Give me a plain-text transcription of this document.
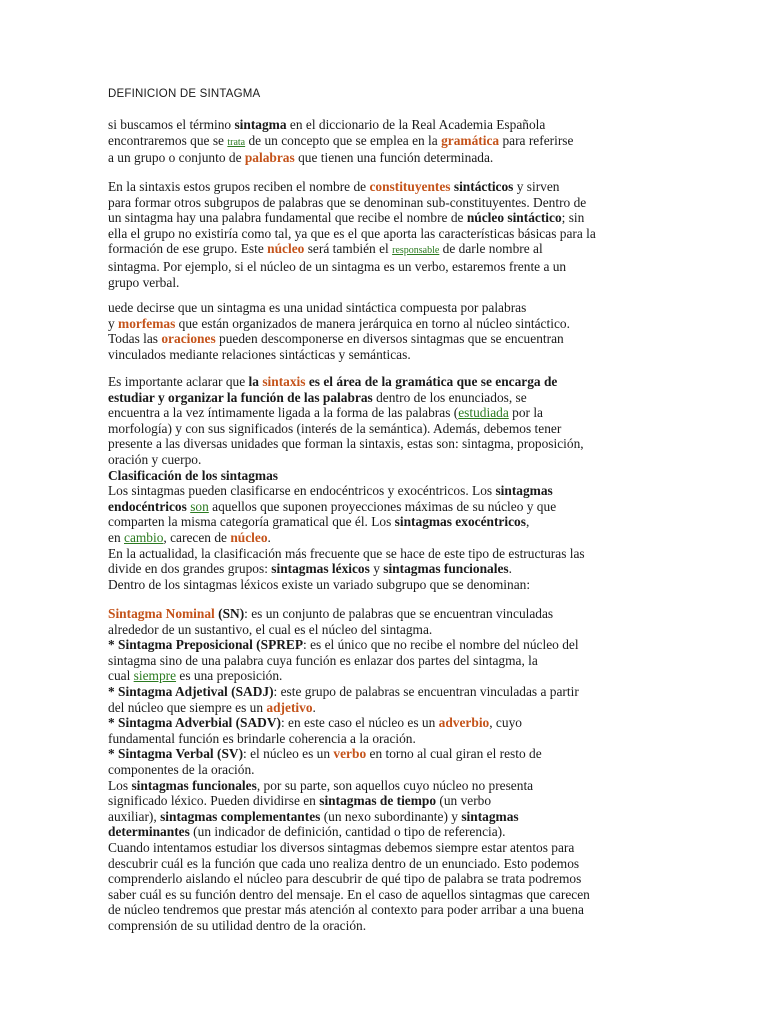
DEFINICION DE SINTAGMA

si buscamos el término sintagma en el diccionario de la Real Academia Española

encontraremos que se trata de un concepto que se emplea en la gramática para referirse

a un grupo o conjunto de palabras que tienen una función determinada.

En la sintaxis estos grupos reciben el nombre de constituyentes sintácticos y sirven

para formar otros subgrupos de palabras que se denominan sub-constituyentes. Dentro de

un sintagma hay una palabra fundamental que recibe el nombre de núcleo sintáctico; sin

ella el grupo no existiría como tal, ya que es el que aporta las características básicas para la

formación de ese grupo. Este núcleo será también el responsable de darle nombre al

sintagma. Por ejemplo, si el núcleo de un sintagma es un verbo, estaremos frente a un

grupo verbal.

uede decirse que un sintagma es una unidad sintáctica compuesta por palabras

y morfemas que están organizados de manera jerárquica en torno al núcleo sintáctico.

Todas las oraciones pueden descomponerse en diversos sintagmas que se encuentran

vinculados mediante relaciones sintácticas y semánticas.

Es importante aclarar que la sintaxis es el área de la gramática que se encarga de

estudiar y organizar la función de las palabras dentro de los enunciados, se

encuentra a la vez íntimamente ligada a la forma de las palabras (estudiada por la

morfología) y con sus significados (interés de la semántica). Además, debemos tener

presente a las diversas unidades que forman la sintaxis, estas son: sintagma, proposición,

oración y cuerpo.

Clasificación de los sintagmas

Los sintagmas pueden clasificarse en endocéntricos y exocéntricos. Los sintagmas

endocéntricos son aquellos que suponen proyecciones máximas de su núcleo y que

comparten la misma categoría gramatical que él. Los sintagmas exocéntricos,

en cambio, carecen de núcleo.

En la actualidad, la clasificación más frecuente que se hace de este tipo de estructuras las

divide en dos grandes grupos: sintagmas léxicos y sintagmas funcionales.

Dentro de los sintagmas léxicos existe un variado subgrupo que se denominan:

Sintagma Nominal (SN): es un conjunto de palabras que se encuentran vinculadas

alrededor de un sustantivo, el cual es el núcleo del sintagma.

* Sintagma Preposicional (SPREP: es el único que no recibe el nombre del núcleo del

sintagma sino de una palabra cuya función es enlazar dos partes del sintagma, la

cual siempre es una preposición.

* Sintagma Adjetival (SADJ): este grupo de palabras se encuentran vinculadas a partir

del núcleo que siempre es un adjetivo.

* Sintagma Adverbial (SADV): en este caso el núcleo es un adverbio, cuyo

fundamental función es brindarle coherencia a la oración.

* Sintagma Verbal (SV): el núcleo es un verbo en torno al cual giran el resto de

componentes de la oración.

Los sintagmas funcionales, por su parte, son aquellos cuyo núcleo no presenta

significado léxico. Pueden dividirse en sintagmas de tiempo (un verbo

auxiliar), sintagmas complementantes (un nexo subordinante) y sintagmas

determinantes (un indicador de definición, cantidad o tipo de referencia).

Cuando intentamos estudiar los diversos sintagmas debemos siempre estar atentos para

descubrir cuál es la función que cada uno realiza dentro de un enunciado. Esto podemos

comprenderlo aislando el núcleo para descubrir de qué tipo de palabra se trata podremos

saber cuál es su función dentro del mensaje. En el caso de aquellos sintagmas que carecen

de núcleo tendremos que prestar más atención al contexto para poder arribar a una buena

comprensión de su utilidad dentro de la oración.
